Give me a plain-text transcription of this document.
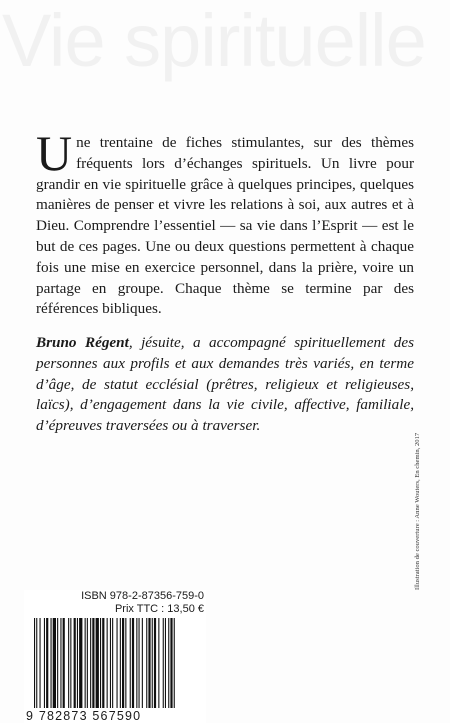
Vie spirituelle

Une trentaine de fiches stimulantes, sur des thèmes fréquents lors d’échanges spirituels. Un livre pour grandir en vie spirituelle grâce à quelques principes, quelques manières de penser et vivre les relations à soi, aux autres et à Dieu. Comprendre l’essentiel — sa vie dans l’Esprit — est le but de ces pages. Une ou deux questions permettent à chaque fois une mise en exercice personnel, dans la prière, voire un partage en groupe. Chaque thème se termine par des références bibliques.

Bruno Régent, jésuite, a accompagné spirituellement des personnes aux profils et aux demandes très variés, en terme d’âge, de statut ecclésial (prêtres, religieux et religieuses, laïcs), d’engagement dans la vie civile, affective, familiale, d’épreuves traversées ou à traverser.

Illustration de couverture : Anne Wouters, En chemin, 2017
ISBN 978-2-87356-759-0
Prix TTC : 13,50 €
9 782873 567590
